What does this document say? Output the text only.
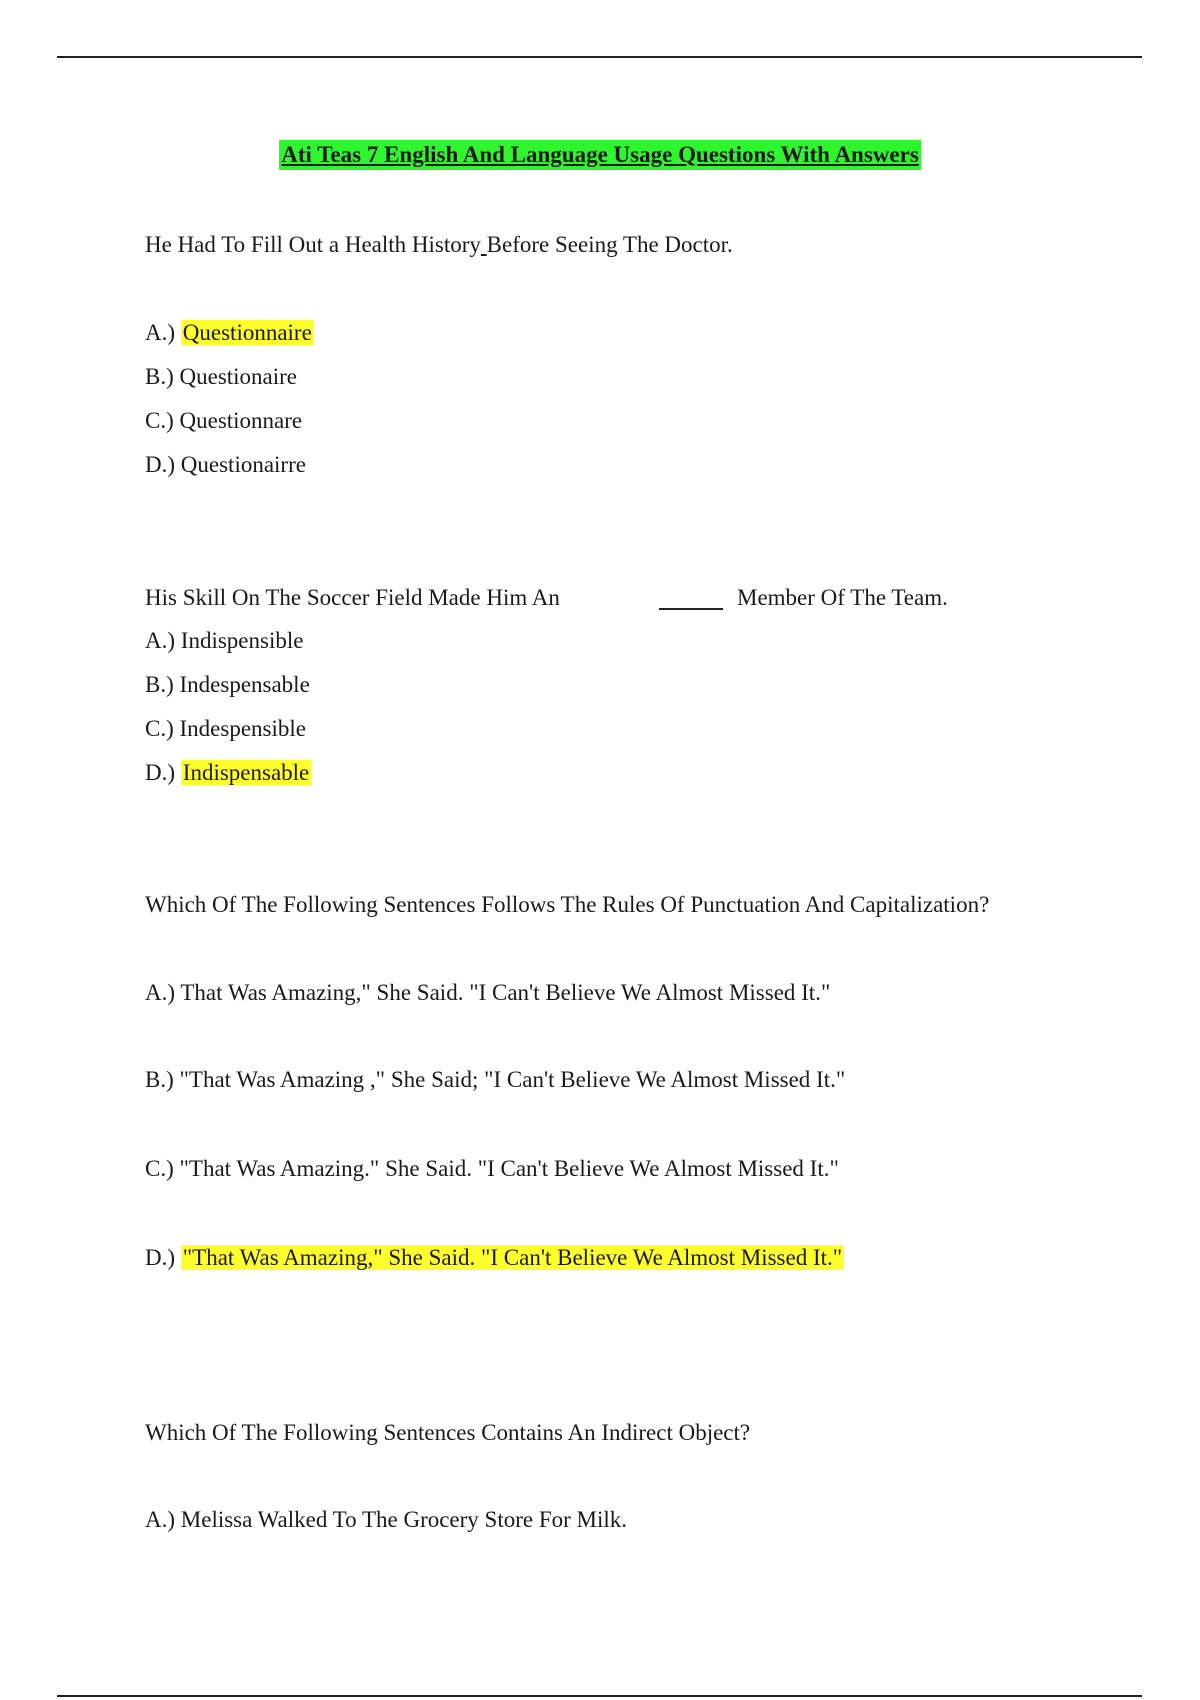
Ati Teas 7 English And Language Usage Questions With Answers
He Had To Fill Out a Health History Before Seeing The Doctor.
A.) Questionnaire
B.) Questionaire
C.) Questionnare
D.) Questionairre
His Skill On The Soccer Field Made Him An	Member Of The Team.
A.) Indispensible
B.) Indespensable
C.) Indespensible
D.) Indispensable
Which Of The Following Sentences Follows The Rules Of Punctuation And Capitalization?
A.) That Was Amazing," She Said. "I Can't Believe We Almost Missed It."
B.) "That Was Amazing ," She Said; "I Can't Believe We Almost Missed It."
C.) "That Was Amazing." She Said. "I Can't Believe We Almost Missed It."
D.) "That Was Amazing," She Said. "I Can't Believe We Almost Missed It."
Which Of The Following Sentences Contains An Indirect Object?
A.) Melissa Walked To The Grocery Store For Milk.
